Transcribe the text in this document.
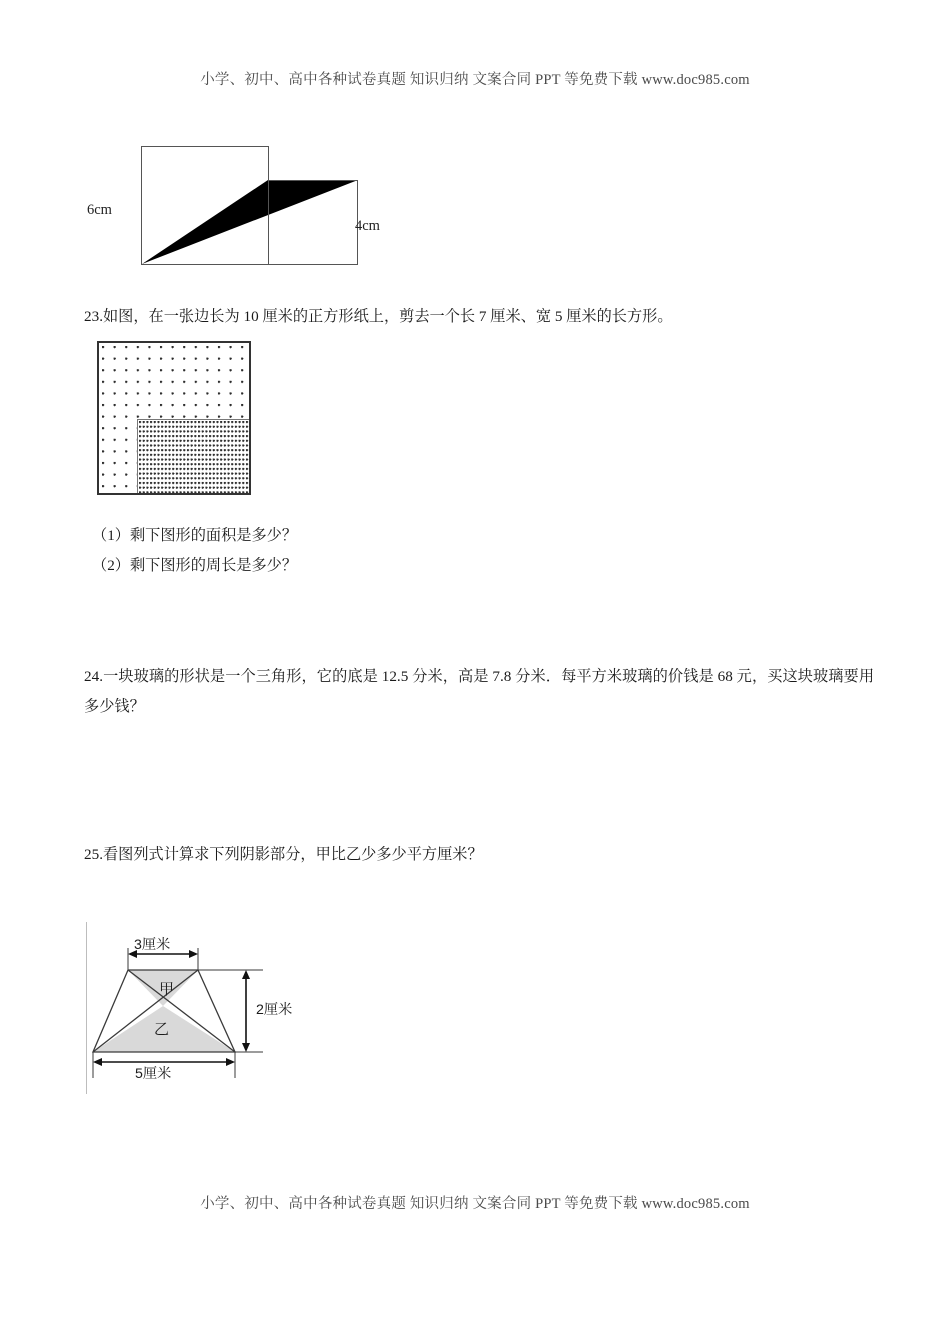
小学、初中、高中各种试卷真题 知识归纳 文案合同 PPT 等免费下载 www.doc985.com
6cm
4cm
23.如图，在一张边长为 10 厘米的正方形纸上，剪去一个长 7 厘米、宽 5 厘米的长方形。
（1）剩下图形的面积是多少？
（2）剩下图形的周长是多少？
24.一块玻璃的形状是一个三角形，它的底是 12.5 分米，高是 7.8 分米．每平方米玻璃的价钱是 68 元，买这块玻璃要用多少钱？
25.看图列式计算求下列阴影部分，甲比乙少多少平方厘米？
3厘米
5厘米
2厘米
甲
乙
小学、初中、高中各种试卷真题 知识归纳 文案合同 PPT 等免费下载 www.doc985.com
